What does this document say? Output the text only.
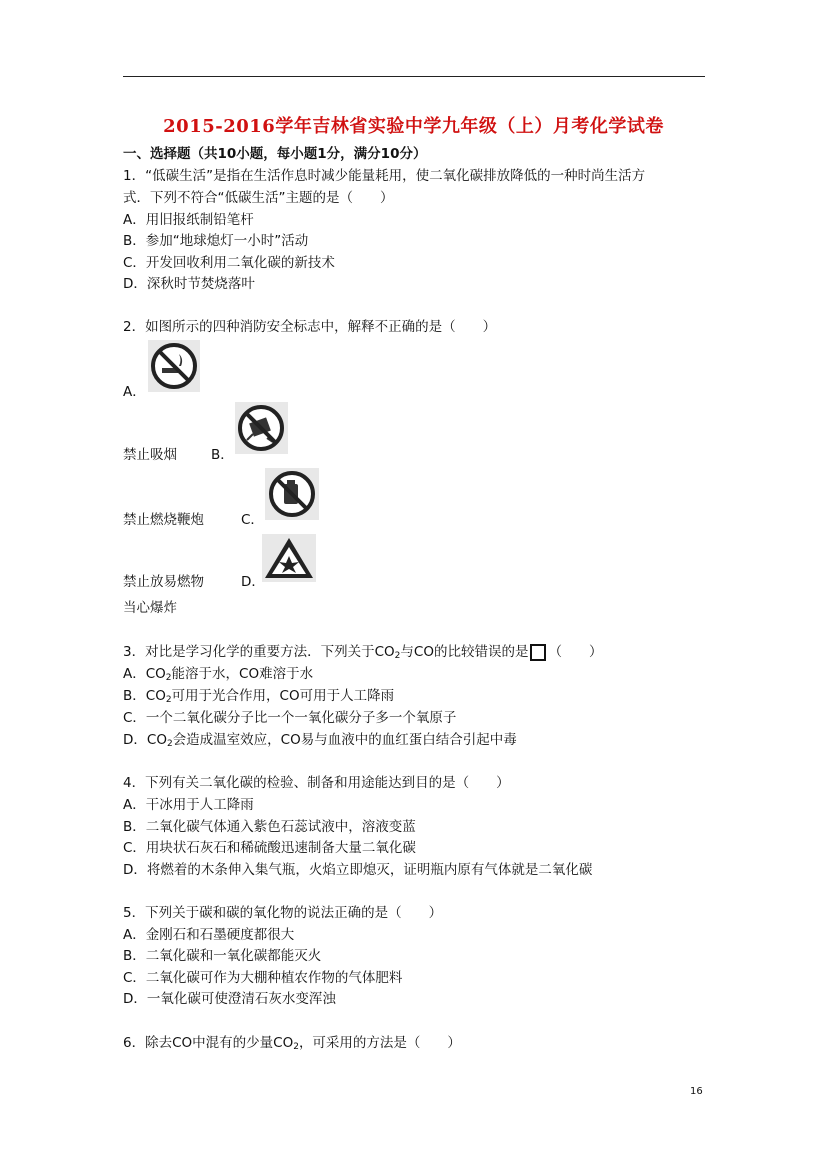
2015-2016学年吉林省实验中学九年级（上）月考化学试卷
一、选择题（共10小题，每小题1分，满分10分）
1．“低碳生活”是指在生活作息时减少能量耗用，使二氧化碳排放降低的一种时尚生活方
式．下列不符合“低碳生活”主题的是（　　）
A．用旧报纸制铅笔杆
B．参加“地球熄灯一小时”活动
C．开发回收利用二氧化碳的新技术
D．深秋时节焚烧落叶
2．如图所示的四种消防安全标志中，解释不正确的是（　　）
A．
禁止吸烟	B．
禁止燃烧鞭炮	C．
禁止放易燃物	D．
当心爆炸
3．对比是学习化学的重要方法．下列关于$CO_2$与CO的比较错误的是 （　　）
A．$CO_2$能溶于水，CO难溶于水
B．$CO_2$可用于光合作用，CO可用于人工降雨
C．一个二氧化碳分子比一个一氧化碳分子多一个氧原子
D．$CO_2$会造成温室效应，CO易与血液中的血红蛋白结合引起中毒
4．下列有关二氧化碳的检验、制备和用途能达到目的是（　　）
A．干冰用于人工降雨
B．二氧化碳气体通入紫色石蕊试液中，溶液变蓝
C．用块状石灰石和稀硫酸迅速制备大量二氧化碳
D．将燃着的木条伸入集气瓶，火焰立即熄灭，证明瓶内原有气体就是二氧化碳
5．下列关于碳和碳的氧化物的说法正确的是（　　）
A．金刚石和石墨硬度都很大
B．二氧化碳和一氧化碳都能灭火
C．二氧化碳可作为大棚种植农作物的气体肥料
D．一氧化碳可使澄清石灰水变浑浊
6．除去CO中混有的少量$CO_2$，可采用的方法是（　　）
16
